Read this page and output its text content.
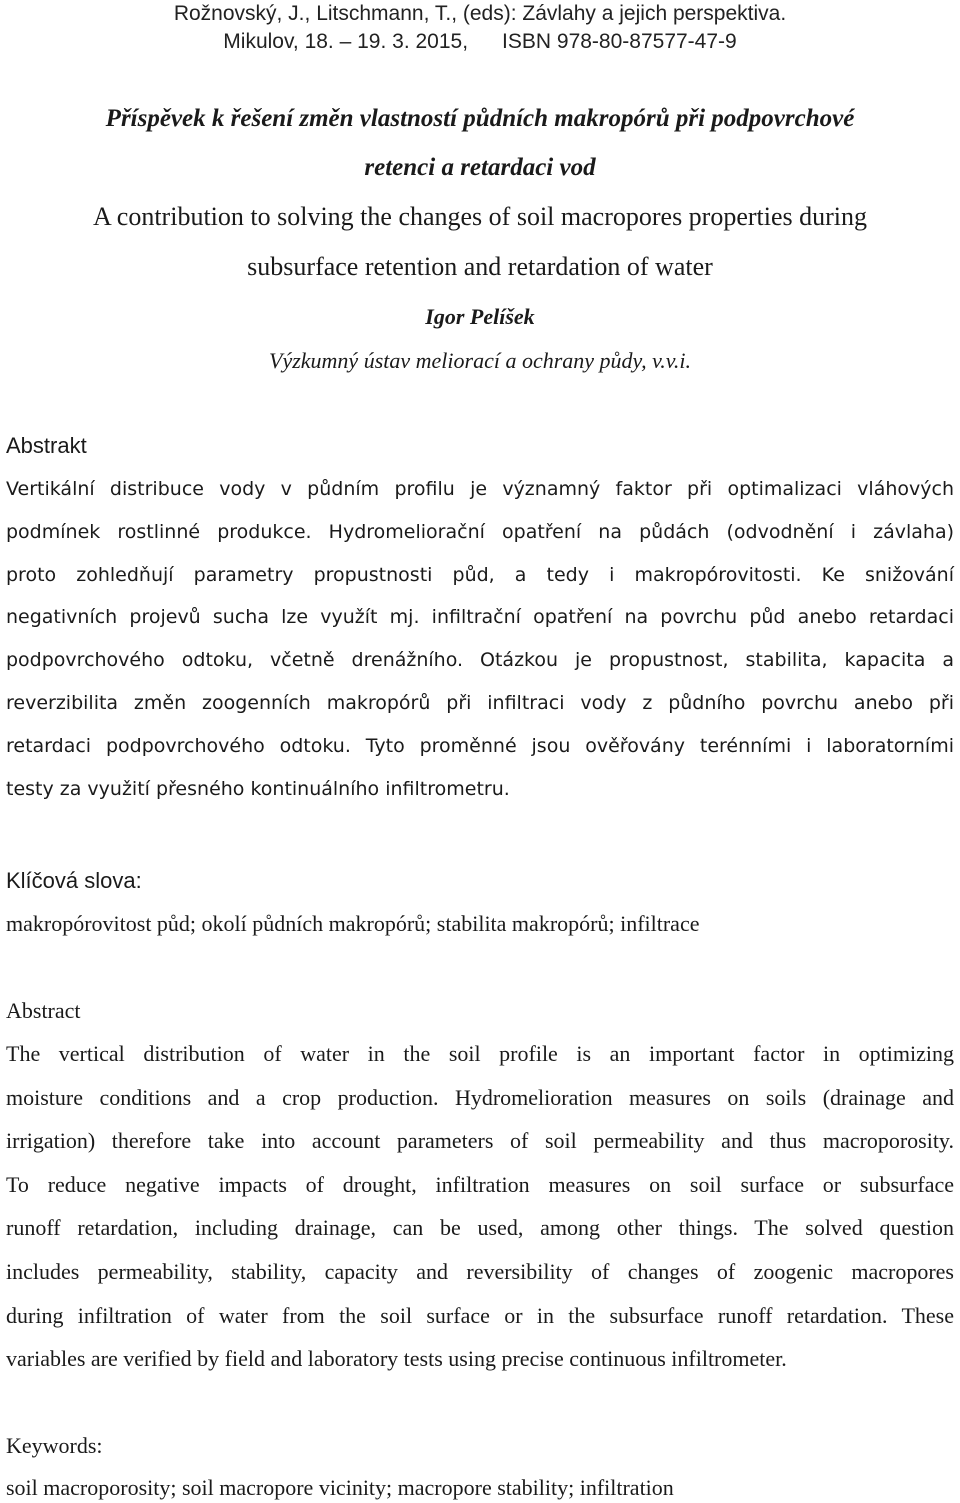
Rožnovský, J., Litschmann, T., (eds): Závlahy a jejich perspektiva.
Mikulov, 18. – 19. 3. 2015, ISBN 978-80-87577-47-9
Příspěvek k řešení změn vlastností půdních makropórů při podpovrchové
retenci a retardaci vod
A contribution to solving the changes of soil macropores properties during
subsurface retention and retardation of water
Igor Pelíšek
Výzkumný ústav meliorací a ochrany půdy, v.v.i.
Abstrakt
Vertikální distribuce vody v půdním profilu je významný faktor při optimalizaci vláhových
podmínek rostlinné produkce. Hydromeliorační opatření na půdách (odvodnění i závlaha)
proto zohledňují parametry propustnosti půd, a tedy i makropórovitosti. Ke snižování
negativních projevů sucha lze využít mj. infiltrační opatření na povrchu půd anebo retardaci
podpovrchového odtoku, včetně drenážního. Otázkou je propustnost, stabilita, kapacita a
reverzibilita změn zoogenních makropórů při infiltraci vody z půdního povrchu anebo při
retardaci podpovrchového odtoku. Tyto proměnné jsou ověřovány terénními i laboratorními
testy za využití přesného kontinuálního infiltrometru.
Klíčová slova:
makropórovitost půd; okolí půdních makropórů; stabilita makropórů; infiltrace
Abstract
The vertical distribution of water in the soil profile is an important factor in optimizing
moisture conditions and a crop production. Hydromelioration measures on soils (drainage and
irrigation) therefore take into account parameters of soil permeability and thus macroporosity.
To reduce negative impacts of drought, infiltration measures on soil surface or subsurface
runoff retardation, including drainage, can be used, among other things. The solved question
includes permeability, stability, capacity and reversibility of changes of zoogenic macropores
during infiltration of water from the soil surface or in the subsurface runoff retardation. These
variables are verified by field and laboratory tests using precise continuous infiltrometer.
Keywords:
soil macroporosity; soil macropore vicinity; macropore stability; infiltration
